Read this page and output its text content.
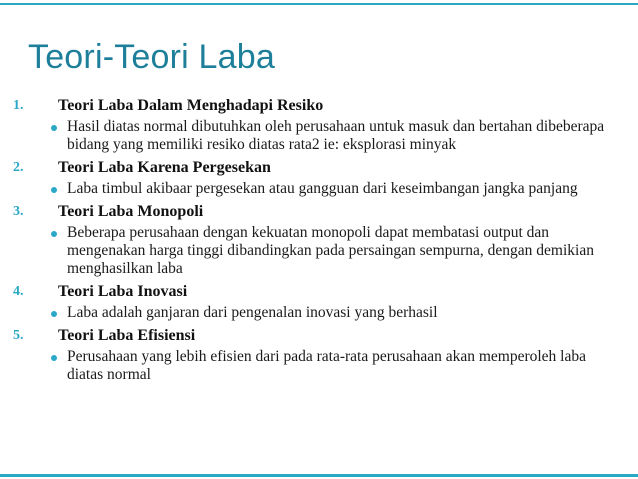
Teori-Teori Laba
1.	Teori Laba Dalam Menghadapi Resiko
Hasil diatas normal dibutuhkan oleh perusahaan untuk masuk dan bertahan dibeberapa bidang yang memiliki resiko diatas rata2 ie: eksplorasi minyak
2.	Teori Laba Karena Pergesekan
Laba timbul akibaar pergesekan atau gangguan dari keseimbangan jangka panjang
3.	Teori Laba Monopoli
Beberapa perusahaan dengan kekuatan monopoli dapat membatasi output dan mengenakan harga tinggi dibandingkan pada persaingan sempurna, dengan demikian menghasilkan laba
4.	Teori Laba Inovasi
Laba adalah ganjaran dari pengenalan inovasi yang berhasil
5.	Teori Laba Efisiensi
Perusahaan yang lebih efisien dari pada rata-rata perusahaan akan memperoleh laba diatas normal
